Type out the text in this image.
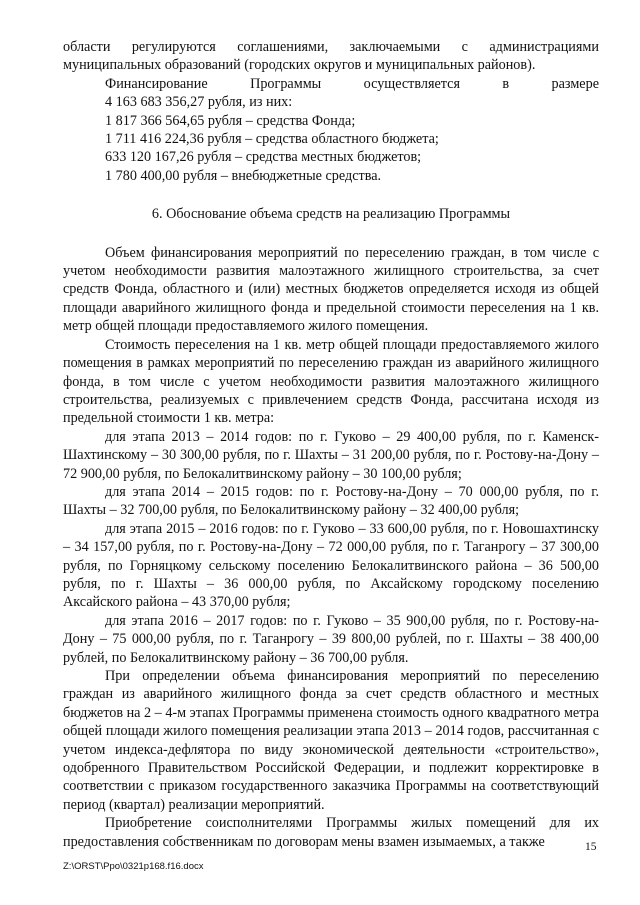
области регулируются соглашениями, заключаемыми с администрациями муниципальных образований (городских округов и муниципальных районов).

Финансирование	Программы	осуществляется	в	размере

4 163 683 356,27 рубля, из них:

1 817 366 564,65 рубля – средства Фонда;

1 711 416 224,36 рубля – средства областного бюджета;

633 120 167,26 рубля – средства местных бюджетов;

1 780 400,00 рубля – внебюджетные средства.

6. Обоснование объема средств на реализацию Программы

Объем финансирования мероприятий по переселению граждан, в том числе с учетом необходимости развития малоэтажного жилищного строительства, за счет средств Фонда, областного и (или) местных бюджетов определяется исходя из общей площади аварийного жилищного фонда и предельной стоимости переселения на 1 кв. метр общей площади предоставляемого жилого помещения.

Стоимость переселения на 1 кв. метр общей площади предоставляемого жилого помещения в рамках мероприятий по переселению граждан из аварийного жилищного фонда, в том числе с учетом необходимости развития малоэтажного жилищного строительства, реализуемых с привлечением средств Фонда, рассчитана исходя из предельной стоимости 1 кв. метра:

для этапа 2013 – 2014 годов: по г. Гуково – 29 400,00 рубля, по г. Каменск-Шахтинскому – 30 300,00 рубля, по г. Шахты – 31 200,00 рубля, по г. Ростову-на-Дону – 72 900,00 рубля, по Белокалитвинскому району – 30 100,00 рубля;

для этапа 2014 – 2015 годов: по г. Ростову-на-Дону – 70 000,00 рубля, по г. Шахты – 32 700,00 рубля, по Белокалитвинскому району – 32 400,00 рубля;

для этапа 2015 – 2016 годов: по г. Гуково – 33 600,00 рубля, по г. Новошахтинску – 34 157,00 рубля, по г. Ростову-на-Дону – 72 000,00 рубля, по г. Таганрогу – 37 300,00 рубля, по Горняцкому сельскому поселению Белокалитвинского района – 36 500,00 рубля, по г. Шахты – 36 000,00 рубля, по Аксайскому городскому поселению Аксайского района – 43 370,00 рубля;

для этапа 2016 – 2017 годов: по г. Гуково – 35 900,00 рубля, по г. Ростову-на-Дону – 75 000,00 рубля, по г. Таганрогу – 39 800,00 рублей, по г. Шахты – 38 400,00 рублей, по Белокалитвинскому району – 36 700,00 рубля.

При определении объема финансирования мероприятий по переселению граждан из аварийного жилищного фонда за счет средств областного и местных бюджетов на 2 – 4-м этапах Программы применена стоимость одного квадратного метра общей площади жилого помещения реализации этапа 2013 – 2014 годов, рассчитанная с учетом индекса-дефлятора по виду экономической деятельности «строительство», одобренного Правительством Российской Федерации, и подлежит корректировке в соответствии с приказом государственного заказчика Программы на соответствующий период (квартал) реализации мероприятий.

Приобретение соисполнителями Программы жилых помещений для их предоставления собственникам по договорам мены взамен изымаемых, а также	15
Z:\ORST\Ppo\0321p168.f16.docx
